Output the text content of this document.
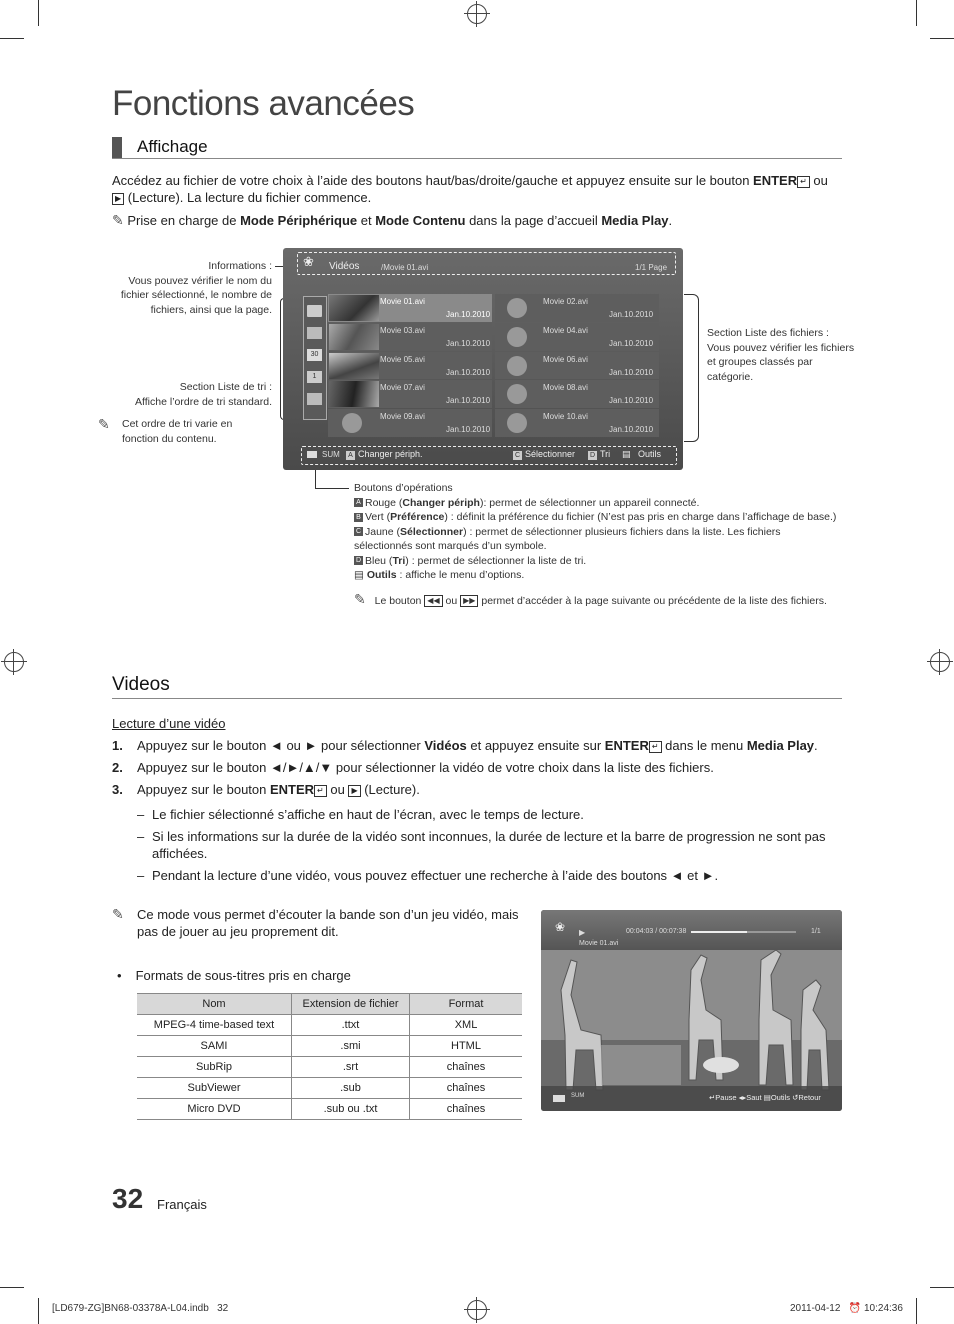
Fonctions avancées
Affichage
Accédez au fichier de votre choix à l’aide des boutons haut/bas/droite/gauche et appuyez ensuite sur le bouton ENTER ↵ ou
▶ (Lecture). La lecture du fichier commence.
✎ Prise en charge de Mode Périphérique et Mode Contenu dans la page d’accueil Media Play.
Informations :
Vous pouvez vérifier le nom du fichier sélectionné, le nombre de fichiers, ainsi que la page.
Section Liste de tri :
Affiche l’ordre de tri standard.
✎ Cet ordre de tri varie en fonction du contenu.
Section Liste des fichiers :
Vous pouvez vérifier les fichiers et groupes classés par catégorie.
❀ Vidéos	/Movie 01.avi	1/1 Page
30
1
Movie 01.avi
Jan.10.2010
Movie 02.avi
Jan.10.2010
Movie 03.avi
Jan.10.2010
Movie 04.avi
Jan.10.2010
Movie 05.avi
Jan.10.2010
Movie 06.avi
Jan.10.2010
Movie 07.avi
Jan.10.2010
Movie 08.avi
Jan.10.2010
Movie 09.avi
Jan.10.2010
Movie 10.avi
Jan.10.2010
SUM	A Changer périph.	C Sélectionner D Tri ▤ Outils
Boutons d’opérations
A Rouge (Changer périph): permet de sélectionner un appareil connecté.
B Vert (Préférence) : définit la préférence du fichier (N’est pas pris en charge dans l’affichage de base.)
C Jaune (Sélectionner) : permet de sélectionner plusieurs fichiers dans la liste. Les fichiers
sélectionnés sont marqués d’un symbole.
D Bleu (Tri) : permet de sélectionner la liste de tri.
▤ Outils : affiche le menu d’options.
✎ Le bouton ◀◀ ou ▶▶ permet d’accéder à la page suivante ou précédente de la liste des fichiers.
Videos
Lecture d’une vidéo
1. Appuyez sur le bouton ◄ ou ► pour sélectionner Vidéos et appuyez ensuite sur ENTER ↵ dans le menu Media Play.
2. Appuyez sur le bouton ◄/►/▲/▼ pour sélectionner la vidéo de votre choix dans la liste des fichiers.
3. Appuyez sur le bouton ENTER ↵ ou ▶ (Lecture).
– Le fichier sélectionné s’affiche en haut de l’écran, avec le temps de lecture.
– Si les informations sur la durée de la vidéo sont inconnues, la durée de lecture et la barre de progression ne sont pas affichées.
– Pendant la lecture d’une vidéo, vous pouvez effectuer une recherche à l’aide des boutons ◄ et ►.
✎ Ce mode vous permet d’écouter la bande son d’un jeu vidéo, mais pas de jouer au jeu proprement dit.
• Formats de sous-titres pris en charge
Nom	Extension de fichier	Format
MPEG-4 time-based text	.ttxt	XML
SAMI	.smi	HTML
SubRip	.srt	chaînes
SubViewer	.sub	chaînes
Micro DVD	.sub ou .txt	chaînes
❀ ▶	00:04:03 / 00:07:38	1/1
Movie 01.avi
SUM	↵Pause ◂▸Saut ▤Outils ↺Retour
32 Français
[LD679-ZG]BN68-03378A-L04.indb   32	2011-04-12   ⏰ 10:24:36
